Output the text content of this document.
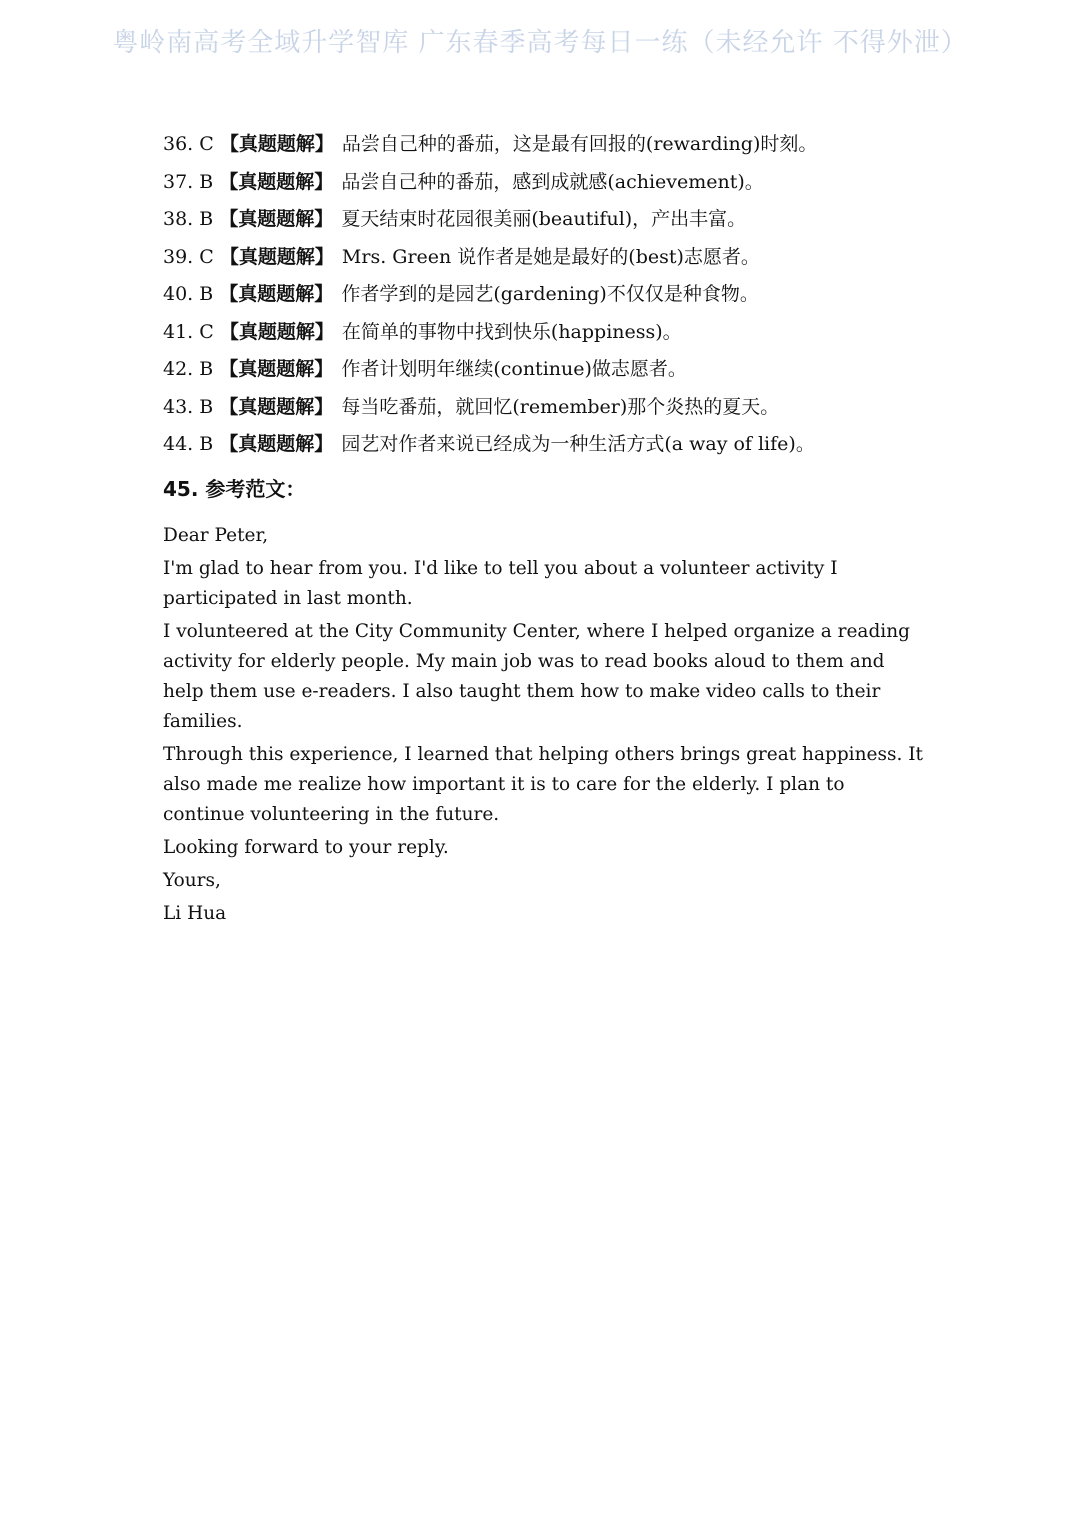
粤岭南高考全域升学智库 广东春季高考每日一练（未经允许 不得外泄）
36. C 【真题题解】 品尝自己种的番茄，这是最有回报的(rewarding)时刻。
37. B 【真题题解】 品尝自己种的番茄，感到成就感(achievement)。
38. B 【真题题解】 夏天结束时花园很美丽(beautiful)，产出丰富。
39. C 【真题题解】 Mrs. Green 说作者是她是最好的(best)志愿者。
40. B 【真题题解】 作者学到的是园艺(gardening)不仅仅是种食物。
41. C 【真题题解】 在简单的事物中找到快乐(happiness)。
42. B 【真题题解】 作者计划明年继续(continue)做志愿者。
43. B 【真题题解】 每当吃番茄，就回忆(remember)那个炎热的夏天。
44. B 【真题题解】 园艺对作者来说已经成为一种生活方式(a way of life)。
45. 参考范文：

Dear Peter,

I'm glad to hear from you. I'd like to tell you about a volunteer activity I participated in last month.

I volunteered at the City Community Center, where I helped organize a reading activity for elderly people. My main job was to read books aloud to them and help them use e-readers. I also taught them how to make video calls to their families.

Through this experience, I learned that helping others brings great happiness. It also made me realize how important it is to care for the elderly. I plan to continue volunteering in the future.

Looking forward to your reply.

Yours,

Li Hua
